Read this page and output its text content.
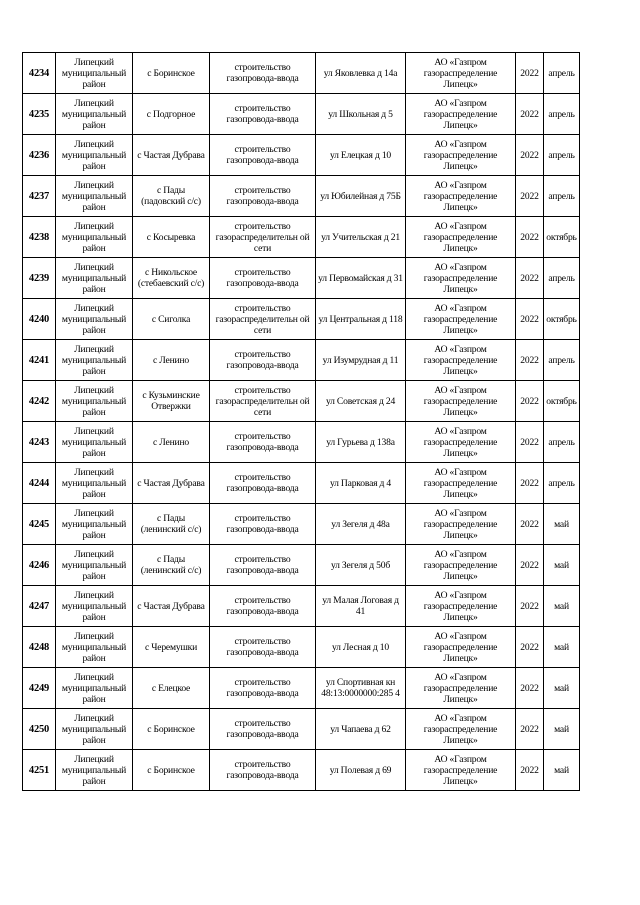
4234	Липецкий муниципальный район	с Боринское	строительство газопровода-ввода	ул Яковлевка д 14а	АО «Газпром газораспределение Липецк»	2022	апрель
4235	Липецкий муниципальный район	с Подгорное	строительство газопровода-ввода	ул Школьная д 5	АО «Газпром газораспределение Липецк»	2022	апрель
4236	Липецкий муниципальный район	с Частая Дубрава	строительство газопровода-ввода	ул Елецкая д 10	АО «Газпром газораспределение Липецк»	2022	апрель
4237	Липецкий муниципальный район	с Пады (падовский с/с)	строительство газопровода-ввода	ул Юбилейная д 75Б	АО «Газпром газораспределение Липецк»	2022	апрель
4238	Липецкий муниципальный район	с Косыревка	строительство газораспределительн ой сети	ул Учительская д 21	АО «Газпром газораспределение Липецк»	2022	октябрь
4239	Липецкий муниципальный район	с Никольское (стебаевский с/с)	строительство газопровода-ввода	ул Первомайская д 31	АО «Газпром газораспределение Липецк»	2022	апрель
4240	Липецкий муниципальный район	с Сиголка	строительство газораспределительн ой сети	ул Центральная д 118	АО «Газпром газораспределение Липецк»	2022	октябрь
4241	Липецкий муниципальный район	с Ленино	строительство газопровода-ввода	ул Изумрудная д 11	АО «Газпром газораспределение Липецк»	2022	апрель
4242	Липецкий муниципальный район	с Кузьминские Отвержки	строительство газораспределительн ой сети	ул Советская д 24	АО «Газпром газораспределение Липецк»	2022	октябрь
4243	Липецкий муниципальный район	с Ленино	строительство газопровода-ввода	ул Гурьева д 138а	АО «Газпром газораспределение Липецк»	2022	апрель
4244	Липецкий муниципальный район	с Частая Дубрава	строительство газопровода-ввода	ул Парковая д 4	АО «Газпром газораспределение Липецк»	2022	апрель
4245	Липецкий муниципальный район	с Пады (ленинский с/с)	строительство газопровода-ввода	ул Зегеля д 48а	АО «Газпром газораспределение Липецк»	2022	май
4246	Липецкий муниципальный район	с Пады (ленинский с/с)	строительство газопровода-ввода	ул Зегеля д 50б	АО «Газпром газораспределение Липецк»	2022	май
4247	Липецкий муниципальный район	с Частая Дубрава	строительство газопровода-ввода	ул Малая Логовая д 41	АО «Газпром газораспределение Липецк»	2022	май
4248	Липецкий муниципальный район	с Черемушки	строительство газопровода-ввода	ул Лесная д 10	АО «Газпром газораспределение Липецк»	2022	май
4249	Липецкий муниципальный район	с Елецкое	строительство газопровода-ввода	ул Спортивная кн 48:13:0000000:285 4	АО «Газпром газораспределение Липецк»	2022	май
4250	Липецкий муниципальный район	с Боринское	строительство газопровода-ввода	ул Чапаева д 62	АО «Газпром газораспределение Липецк»	2022	май
4251	Липецкий муниципальный район	с Боринское	строительство газопровода-ввода	ул Полевая д 69	АО «Газпром газораспределение Липецк»	2022	май
